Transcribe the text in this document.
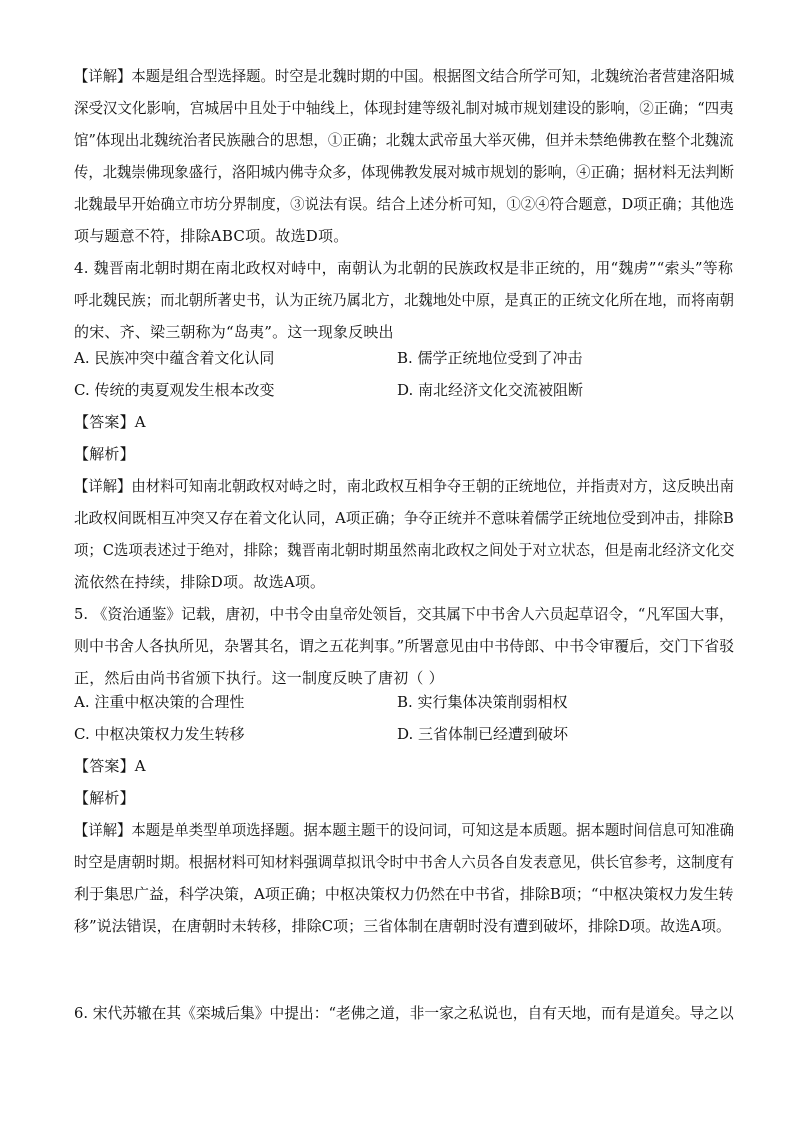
【详解】本题是组合型选择题。时空是北魏时期的中国。根据图文结合所学可知，北魏统治者营建洛阳城
深受汉文化影响，宫城居中且处于中轴线上，体现封建等级礼制对城市规划建设的影响，②正确；“四夷
馆”体现出北魏统治者民族融合的思想，①正确；北魏太武帝虽大举灭佛，但并未禁绝佛教在整个北魏流
传，北魏崇佛现象盛行，洛阳城内佛寺众多，体现佛教发展对城市规划的影响，④正确；据材料无法判断
北魏最早开始确立市坊分界制度，③说法有误。结合上述分析可知，①②④符合题意，D项正确；其他选
项与题意不符，排除ABC项。故选D项。
4. 魏晋南北朝时期在南北政权对峙中，南朝认为北朝的民族政权是非正统的，用“魏虏”“索头”等称
呼北魏民族；而北朝所著史书，认为正统乃属北方，北魏地处中原，是真正的正统文化所在地，而将南朝
的宋、齐、梁三朝称为“岛夷”。这一现象反映出
A. 民族冲突中蕴含着文化认同	B. 儒学正统地位受到了冲击
C. 传统的夷夏观发生根本改变	D. 南北经济文化交流被阻断
【答案】A
【解析】
【详解】由材料可知南北朝政权对峙之时，南北政权互相争夺王朝的正统地位，并指责对方，这反映出南
北政权间既相互冲突又存在着文化认同，A项正确；争夺正统并不意味着儒学正统地位受到冲击，排除B
项；C选项表述过于绝对，排除；魏晋南北朝时期虽然南北政权之间处于对立状态，但是南北经济文化交
流依然在持续，排除D项。故选A项。
5. 《资治通鉴》记载，唐初，中书令由皇帝处领旨，交其属下中书舍人六员起草诏令，“凡军国大事，
则中书舍人各执所见，杂署其名，谓之五花判事。”所署意见由中书侍郎、中书令审覆后，交门下省驳
正，然后由尚书省颁下执行。这一制度反映了唐初（ ）
A. 注重中枢决策的合理性	B. 实行集体决策削弱相权
C. 中枢决策权力发生转移	D. 三省体制已经遭到破坏
【答案】A
【解析】
【详解】本题是单类型单项选择题。据本题主题干的设问词，可知这是本质题。据本题时间信息可知准确
时空是唐朝时期。根据材料可知材料强调草拟讯令时中书舍人六员各自发表意见，供长官参考，这制度有
利于集思广益，科学决策，A项正确；中枢决策权力仍然在中书省，排除B项；“中枢决策权力发生转
移”说法错误，在唐朝时未转移，排除C项；三省体制在唐朝时没有遭到破坏，排除D项。故选A项。
6. 宋代苏辙在其《栾城后集》中提出：“老佛之道，非一家之私说也，自有天地，而有是道矣。导之以
